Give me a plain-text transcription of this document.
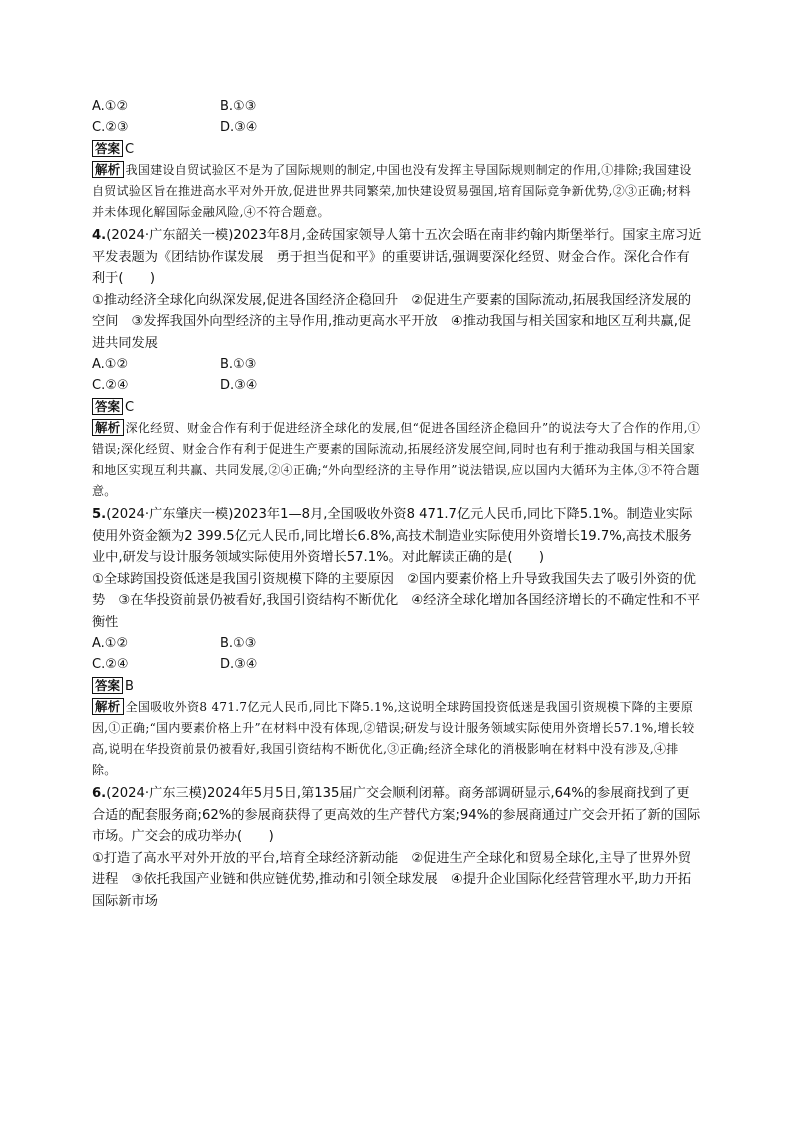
A.①②	B.①③
C.②③	D.③④
答案 C
解析 我国建设自贸试验区不是为了国际规则的制定,中国也没有发挥主导国际规则制定的作用,①排除;我国建设自贸试验区旨在推进高水平对外开放,促进世界共同繁荣,加快建设贸易强国,培育国际竞争新优势,②③正确;材料并未体现化解国际金融风险,④不符合题意。
4.(2024·广东韶关一模)2023年8月,金砖国家领导人第十五次会晤在南非约翰内斯堡举行。国家主席习近平发表题为《团结协作谋发展　勇于担当促和平》的重要讲话,强调要深化经贸、财金合作。深化合作有利于(　　)
①推动经济全球化向纵深发展,促进各国经济企稳回升　②促进生产要素的国际流动,拓展我国经济发展的空间　③发挥我国外向型经济的主导作用,推动更高水平开放　④推动我国与相关国家和地区互利共赢,促进共同发展
A.①②	B.①③
C.②④	D.③④
答案 C
解析 深化经贸、财金合作有利于促进经济全球化的发展,但“促进各国经济企稳回升”的说法夸大了合作的作用,①错误;深化经贸、财金合作有利于促进生产要素的国际流动,拓展经济发展空间,同时也有利于推动我国与相关国家和地区实现互利共赢、共同发展,②④正确;“外向型经济的主导作用”说法错误,应以国内大循环为主体,③不符合题意。
5.(2024·广东肇庆一模)2023年1—8月,全国吸收外资8 471.7亿元人民币,同比下降5.1%。制造业实际使用外资金额为2 399.5亿元人民币,同比增长6.8%,高技术制造业实际使用外资增长19.7%,高技术服务业中,研发与设计服务领域实际使用外资增长57.1%。对此解读正确的是(　　)
①全球跨国投资低迷是我国引资规模下降的主要原因　②国内要素价格上升导致我国失去了吸引外资的优势　③在华投资前景仍被看好,我国引资结构不断优化　④经济全球化增加各国经济增长的不确定性和不平衡性
A.①②	B.①③
C.②④	D.③④
答案 B
解析 全国吸收外资8 471.7亿元人民币,同比下降5.1%,这说明全球跨国投资低迷是我国引资规模下降的主要原因,①正确;“国内要素价格上升”在材料中没有体现,②错误;研发与设计服务领域实际使用外资增长57.1%,增长较高,说明在华投资前景仍被看好,我国引资结构不断优化,③正确;经济全球化的消极影响在材料中没有涉及,④排除。
6.(2024·广东三模)2024年5月5日,第135届广交会顺利闭幕。商务部调研显示,64%的参展商找到了更合适的配套服务商;62%的参展商获得了更高效的生产替代方案;94%的参展商通过广交会开拓了新的国际市场。广交会的成功举办(　　)
①打造了高水平对外开放的平台,培育全球经济新动能　②促进生产全球化和贸易全球化,主导了世界外贸进程　③依托我国产业链和供应链优势,推动和引领全球发展　④提升企业国际化经营管理水平,助力开拓国际新市场
